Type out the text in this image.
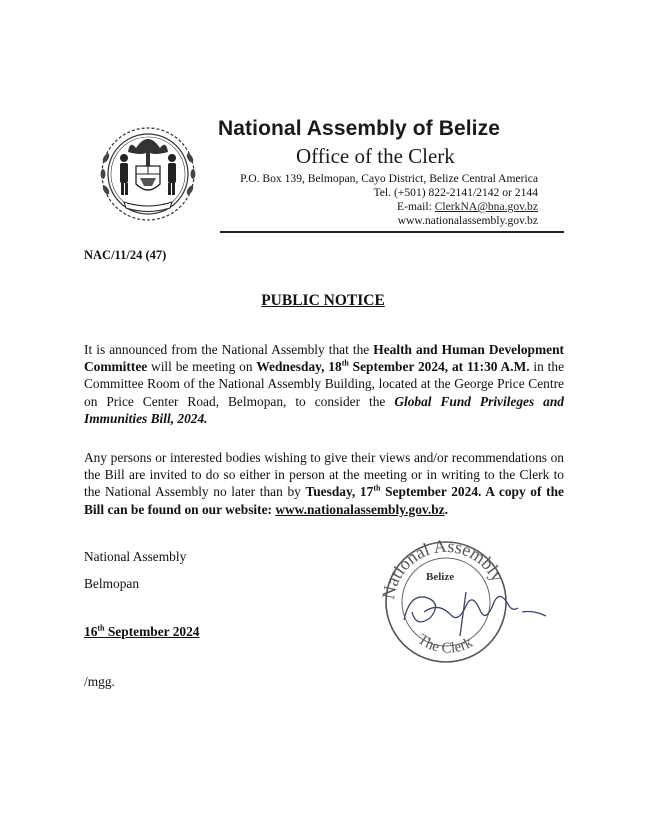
National Assembly of Belize
Office of the Clerk
P.O. Box 139, Belmopan, Cayo District, Belize Central America
Tel. (+501) 822-2141/2142 or 2144
E-mail: ClerkNA@bna.gov.bz
www.nationalassembly.gov.bz
NAC/11/24 (47)
PUBLIC NOTICE
It is announced from the National Assembly that the Health and Human Development Committee will be meeting on Wednesday, 18th September 2024, at 11:30 A.M. in the Committee Room of the National Assembly Building, located at the George Price Centre on Price Center Road, Belmopan, to consider the Global Fund Privileges and Immunities Bill, 2024.
Any persons or interested bodies wishing to give their views and/or recommendations on the Bill are invited to do so either in person at the meeting or in writing to the Clerk to the National Assembly no later than by Tuesday, 17th September 2024. A copy of the Bill can be found on our website: www.nationalassembly.gov.bz.
National Assembly
Belmopan
16th September 2024
/mgg.
National Assembly
Belize
The Clerk
